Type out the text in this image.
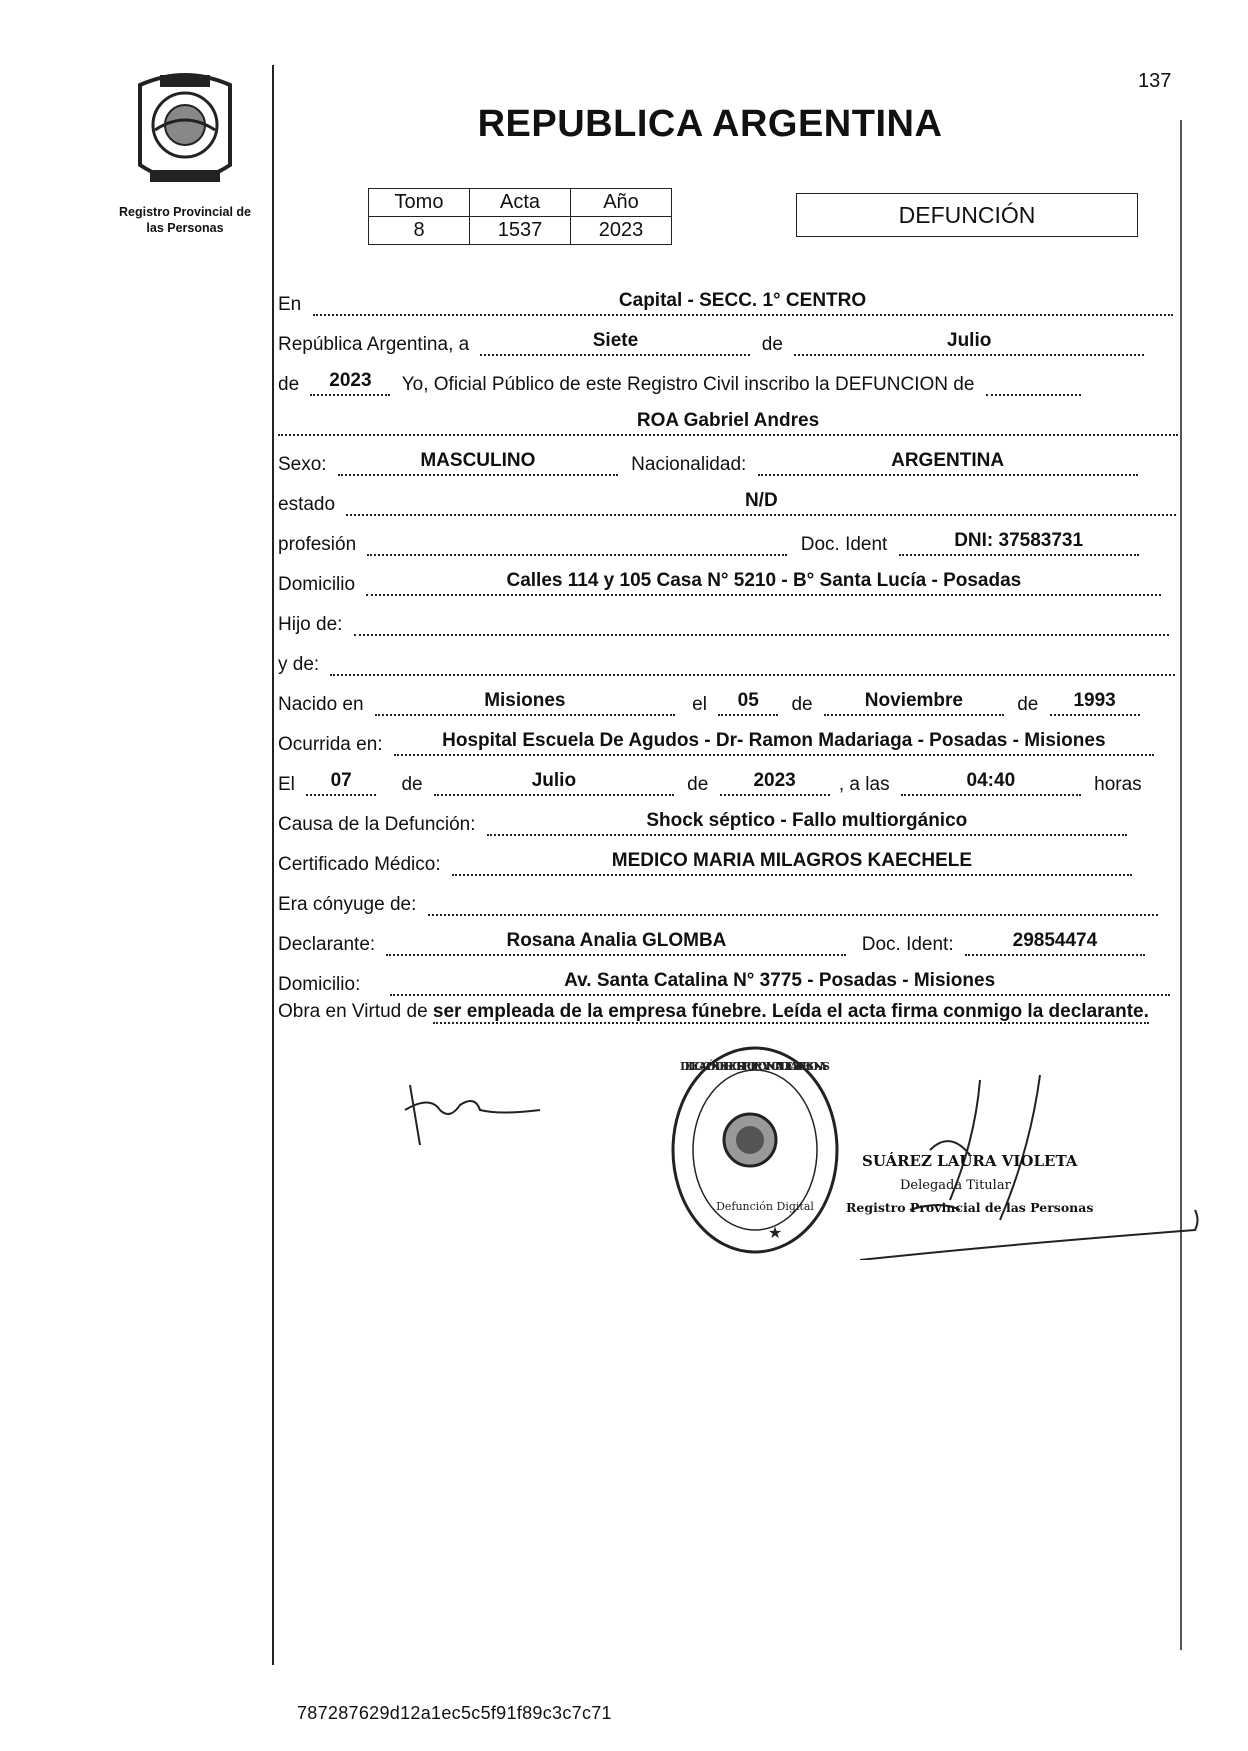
137
Registro Provincial de
las Personas
REPUBLICA ARGENTINA
Tomo	Acta	Año
8	1537	2023
DEFUNCIÓN
En	Capital - SECC. 1° CENTRO
República Argentina, a	Siete	de	Julio
de 2023 Yo, Oficial Público de este Registro Civil inscribo la DEFUNCION de
ROA Gabriel Andres
Sexo:	MASCULINO	Nacionalidad:	ARGENTINA
estado	N/D
profesión	Doc. Ident	DNI: 37583731
Domicilio	Calles 114 y 105 Casa N° 5210 - B° Santa Lucía - Posadas
Hijo de:
y de:
Nacido en	Misiones	el 05 de	Noviembre	de 1993
Ocurrida en:	Hospital Escuela De Agudos - Dr- Ramon Madariaga - Posadas - Misiones
El 07	de	Julio	de 2023 , a las	04:40	horas
Causa de la Defunción:	Shock séptico - Fallo multiorgánico
Certificado Médico:	MEDICO MARIA MILAGROS KAECHELE
Era cónyuge de:
Declarante:	Rosana Analia GLOMBA	Doc. Ident:	29854474
Domicilio:	Av. Santa Catalina N° 3775 - Posadas - Misiones
Obra en Virtud de ser empleada de la empresa fúnebre. Leída el acta firma conmigo la declarante.
DELEGACIÓN DEL REGISTRO PROVINCIAL DE LAS PERSONAS
Defunción Digital
★
SUÁREZ LAURA VIOLETA
Delegada Titular
Registro Provincial de las Personas
787287629d12a1ec5c5f91f89c3c7c71
